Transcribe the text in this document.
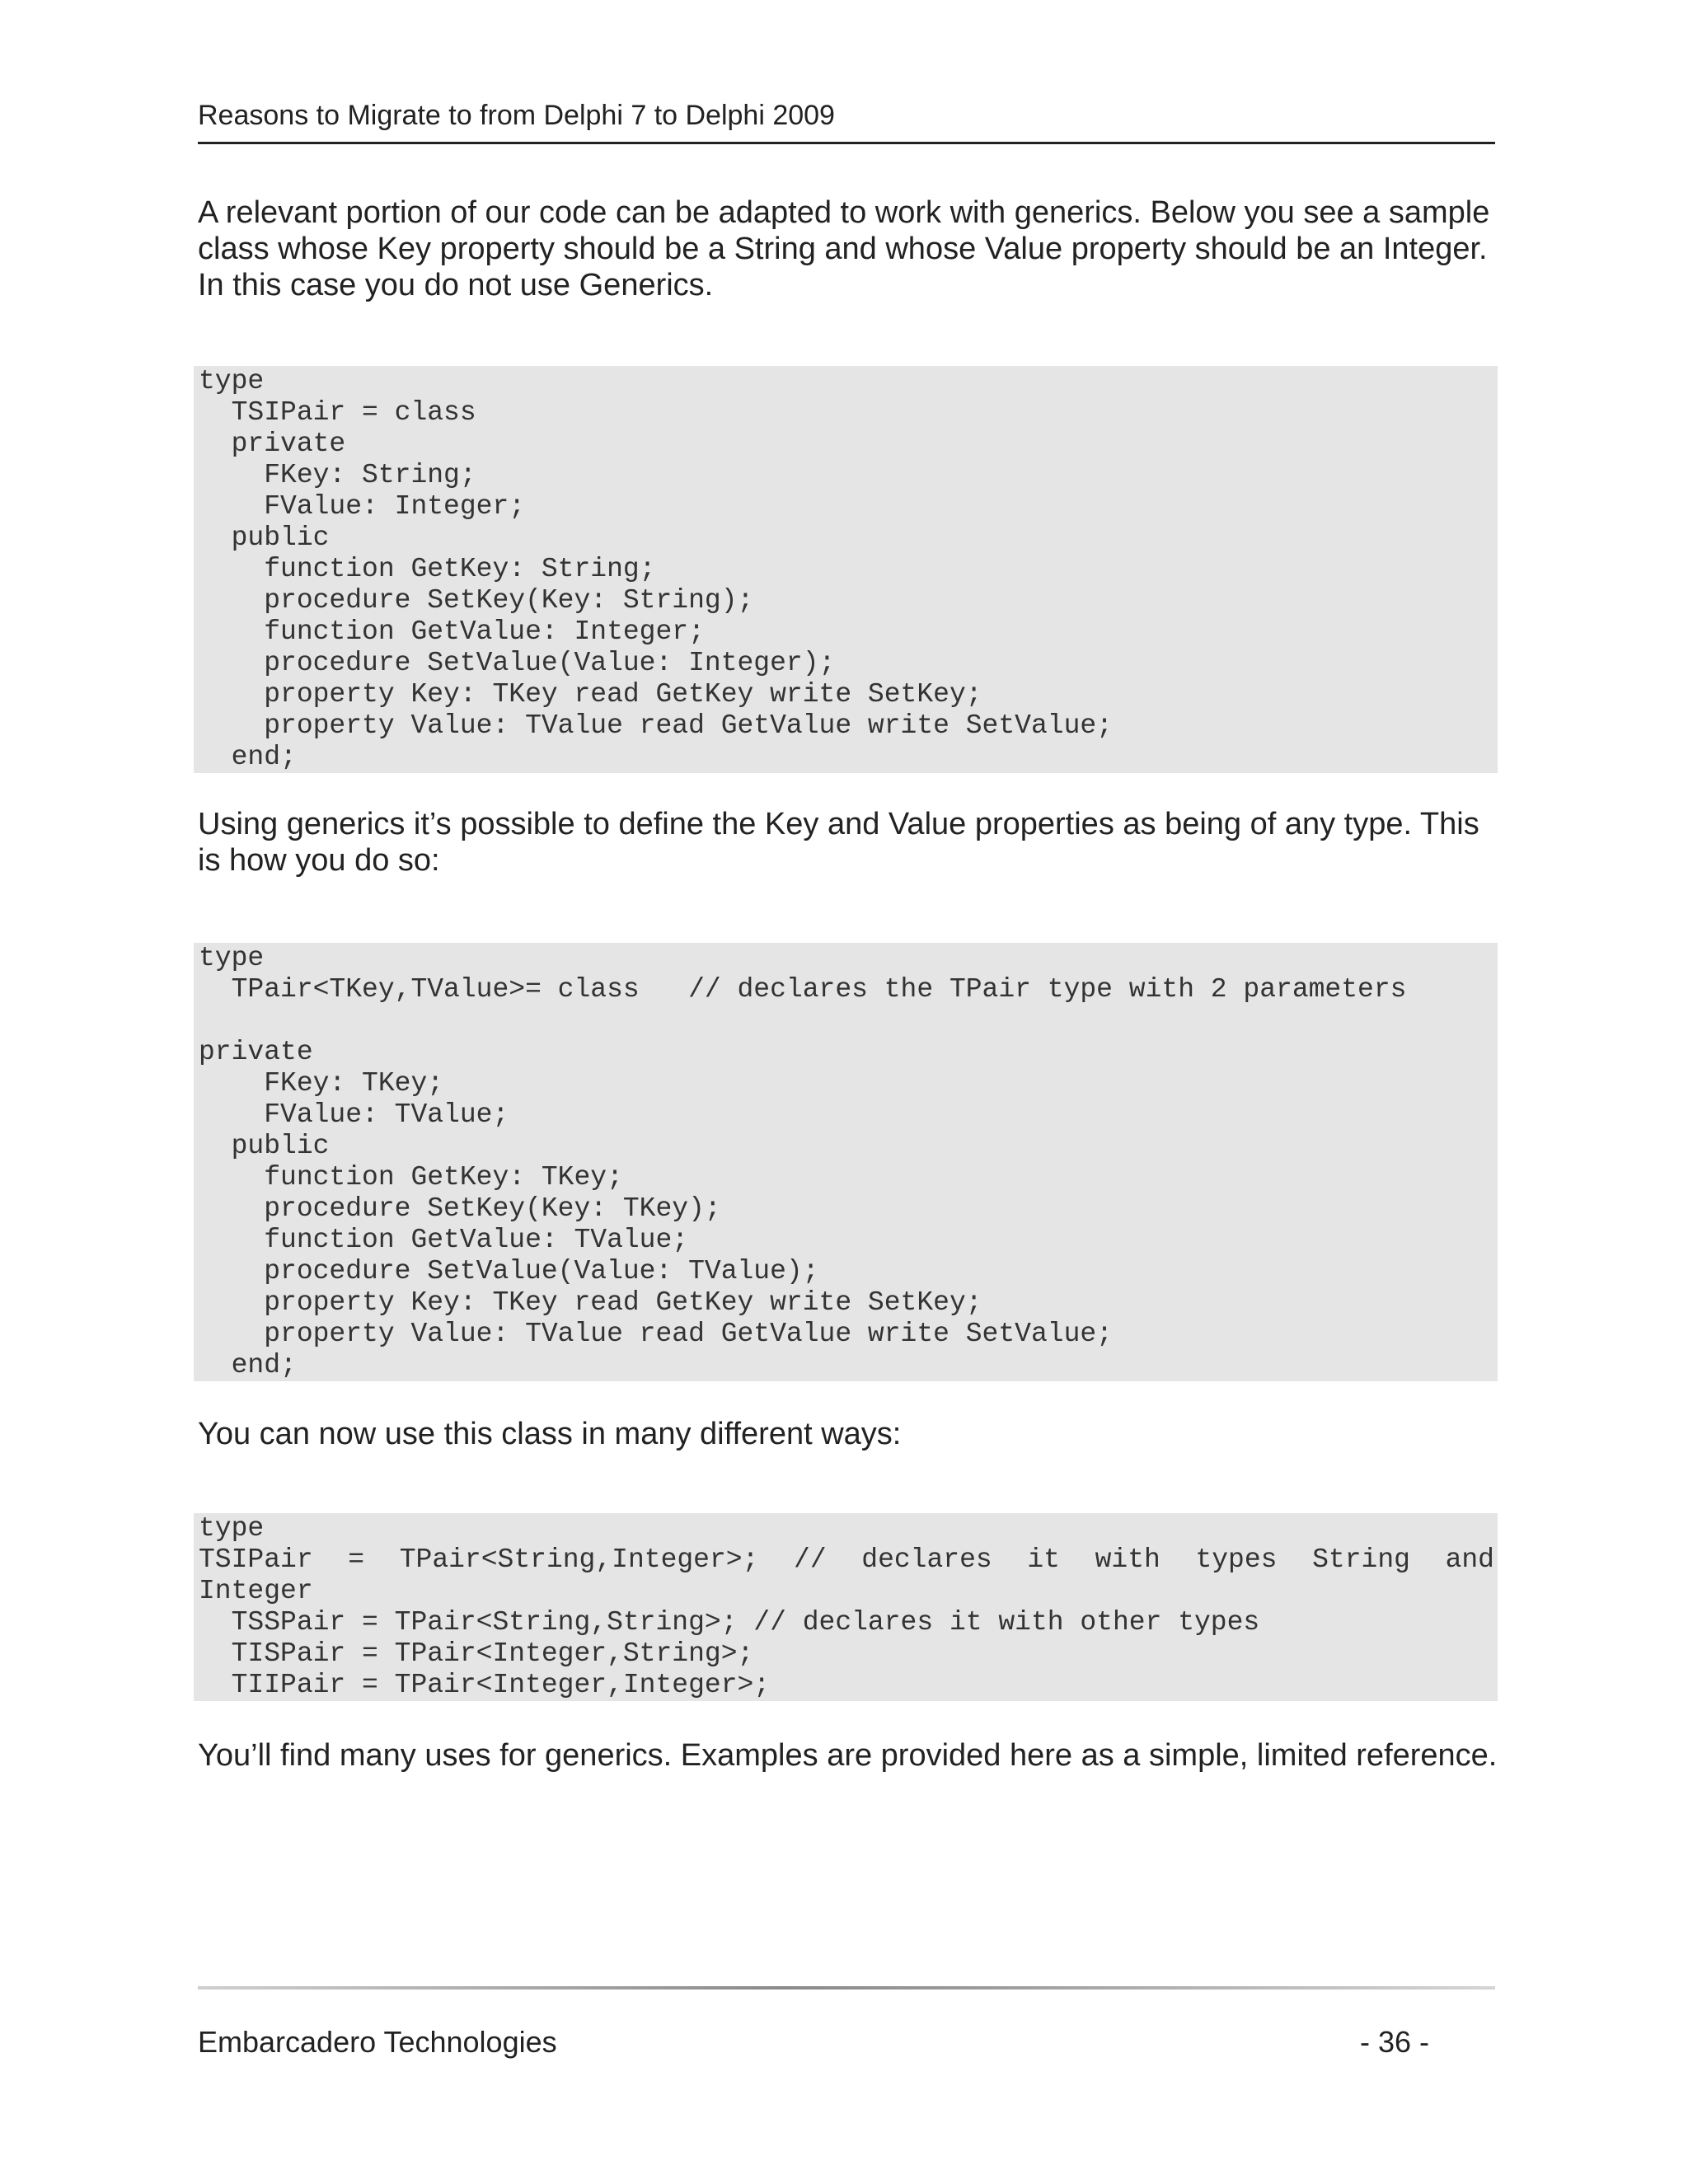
Reasons to Migrate to from Delphi 7 to Delphi 2009

A relevant portion of our code can be adapted to work with generics. Below you see a sample class whose Key property should be a String and whose Value property should be an Integer. In this case you do not use Generics.

type
TSIPair = class
private
FKey: String;
FValue: Integer;
public
function GetKey: String;
procedure SetKey(Key: String);
function GetValue: Integer;
procedure SetValue(Value: Integer);
property Key: TKey read GetKey write SetKey;
property Value: TValue read GetValue write SetValue;
end;

Using generics it’s possible to define the Key and Value properties as being of any type. This is how you do so:

type
TPair<TKey,TValue>= class   // declares the TPair type with 2 parameters
private
FKey: TKey;
FValue: TValue;
public
function GetKey: TKey;
procedure SetKey(Key: TKey);
function GetValue: TValue;
procedure SetValue(Value: TValue);
property Key: TKey read GetKey write SetKey;
property Value: TValue read GetValue write SetValue;
end;

You can now use this class in many different ways:

type
TSIPair = TPair<String,Integer>; // declares it with types String and
Integer
TSSPair = TPair<String,String>; // declares it with other types
TISPair = TPair<Integer,String>;
TIIPair = TPair<Integer,Integer>;

You’ll find many uses for generics. Examples are provided here as a simple, limited reference.

Embarcadero Technologies	- 36 -
